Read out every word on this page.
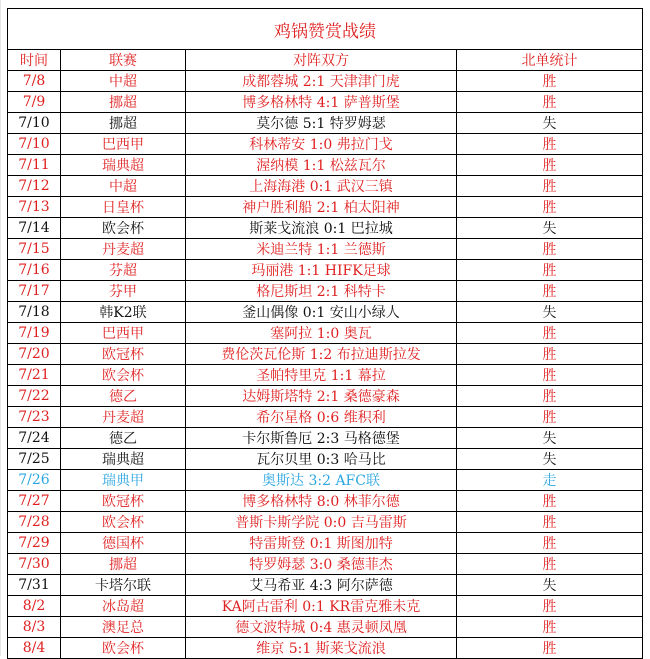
鸡锅赞赏战绩			
时间	联赛	对阵双方	北单统计
7/8	中超	成都蓉城 2:1 天津津门虎	胜
7/9	挪超	博多格林特 4:1 萨普斯堡	胜
7/10	挪超	莫尔德 5:1 特罗姆瑟	失
7/10	巴西甲	科林蒂安 1:0 弗拉门戈	胜
7/11	瑞典超	渥纳模 1:1 松兹瓦尔	胜
7/12	中超	上海海港 0:1 武汉三镇	胜
7/13	日皇杯	神户胜利船 2:1 柏太阳神	胜
7/14	欧会杯	斯莱戈流浪 0:1 巴拉城	失
7/15	丹麦超	米迪兰特 1:1 兰德斯	胜
7/16	芬超	玛丽港 1:1 HIFK足球	胜
7/17	芬甲	格尼斯坦 2:1 科特卡	胜
7/18	韩K2联	釜山偶像 0:1 安山小绿人	失
7/19	巴西甲	塞阿拉 1:0 奥瓦	胜
7/20	欧冠杯	费伦茨瓦伦斯 1:2 布拉迪斯拉发	胜
7/21	欧会杯	圣帕特里克 1:1 幕拉	胜
7/22	德乙	达姆斯塔特 2:1 桑德豪森	胜
7/23	丹麦超	希尔星格 0:6 维积利	胜
7/24	德乙	卡尔斯鲁厄 2:3 马格德堡	失
7/25	瑞典超	瓦尔贝里 0:3 哈马比	失
7/26	瑞典甲	奥斯达 3:2 AFC联	走
7/27	欧冠杯	博多格林特 8:0 林菲尔德	胜
7/28	欧会杯	普斯卡斯学院 0:0 吉马雷斯	胜
7/29	德国杯	特雷斯登 0:1 斯图加特	胜
7/30	挪超	特罗姆瑟 3:0 桑德菲杰	胜
7/31	卡塔尔联	艾马希亚 4:3 阿尔萨德	失
8/2	冰岛超	KA阿古雷利 0:1 KR雷克雅未克	胜
8/3	澳足总	德文波特城 0:4 惠灵顿凤凰	胜
8/4	欧会杯	维京 5:1 斯莱戈流浪	胜
